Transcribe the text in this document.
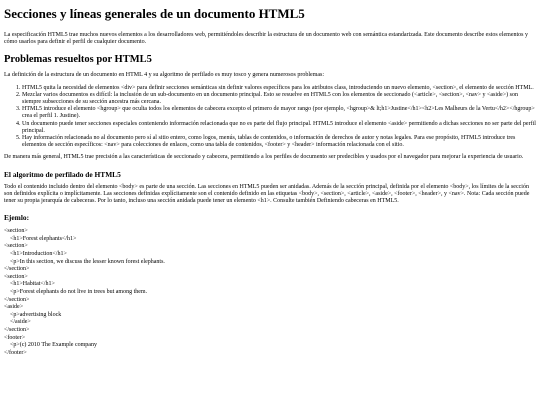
Secciones y líneas generales de un documento HTML5

La especificación HTML5 trae muchos nuevos elementos a los desarrolladores web, permitiéndoles describir la estructura de un documento web con semántica estandarizada. Este documento describe estos elementos y cómo usarlos para definir el perfil de cualquier documento.

Problemas resueltos por HTML5

La definición de la estructura de un documento en HTML 4 y su algoritmo de perfilado es muy tosco y genera numerosos problemas:

1. HTML5 quita la necesidad de elementos <div> para definir secciones semánticas sin definir valores específicos para los atributos class, introduciendo un nuevo elemento, <section>, el elemento de sección HTML.
2. Mezclar varios documentos es difícil: la inclusión de un sub-documento en un documento principal. Esto se resuelve en HTML5 con los elementos de seccionado (<article>, <section>, <nav> y <aside>) son siempre subsecciones de su sección ancestra más cercana.
3. HTML5 introduce el elemento <hgroup> que oculta todos los elementos de cabecera excepto el primero de mayor rango (por ejemplo, <hgroup>& lt;h1>Justine</h1><h2>Les Malheurs de la Vertu</h2></hgroup> crea el perfil 1. Justine).
4. Un documento puede tener secciones especiales conteniendo información relacionada que no es parte del flujo principal. HTML5 introduce el elemento <aside> permitiendo a dichas secciones no ser parte del perfil principal.
5. Hay información relacionada no al documento pero sí al sitio entero, como logos, menús, tablas de contenidos, o información de derechos de autor y notas legales. Para ese propósito, HTML5 introduce tres elementos de sección específicos: <nav> para colecciones de enlaces, como una tabla de contenidos, <footer> y <header> información relacionada con el sitio.

De manera más general, HTML5 trae precisión a las características de seccionado y cabecera, permitiendo a los perfiles de documento ser predecibles y usados por el navegador para mejorar la experiencia de usuario.

El algoritmo de perfilado de HTML5

Todo el contenido incluido dentro del elemento <body> es parte de una sección. Las secciones en HTML5 pueden ser anidadas. Además de la sección principal, definida por el elemento <body>, los límites de la sección son definidos explícita o implícitamente. Las secciones definidas explícitamente son el contenido definido en las etiquetas <body>, <section>, <article>, <aside>, <footer>, <header>, y <nav>. Nota: Cada sección puede tener su propia jerarquía de cabeceras. Por lo tanto, incluso una sección anidada puede tener un elemento <h1>. Consulte también Definiendo cabeceras en HTML5.

Ejemlo:
<section>
<h1>Forest elephants</h1>
<section>
<h1>Introduction</h1>
<p>In this section, we discuss the lesser known forest elephants.
</section>
<section>
<h1>Habitat</h1>
<p>Forest elephants do not live in trees but among them.
</section>
<aside>
<p>advertising block
</aside>
</section>
<footer>
<p>(c) 2010 The Example company
</footer>
